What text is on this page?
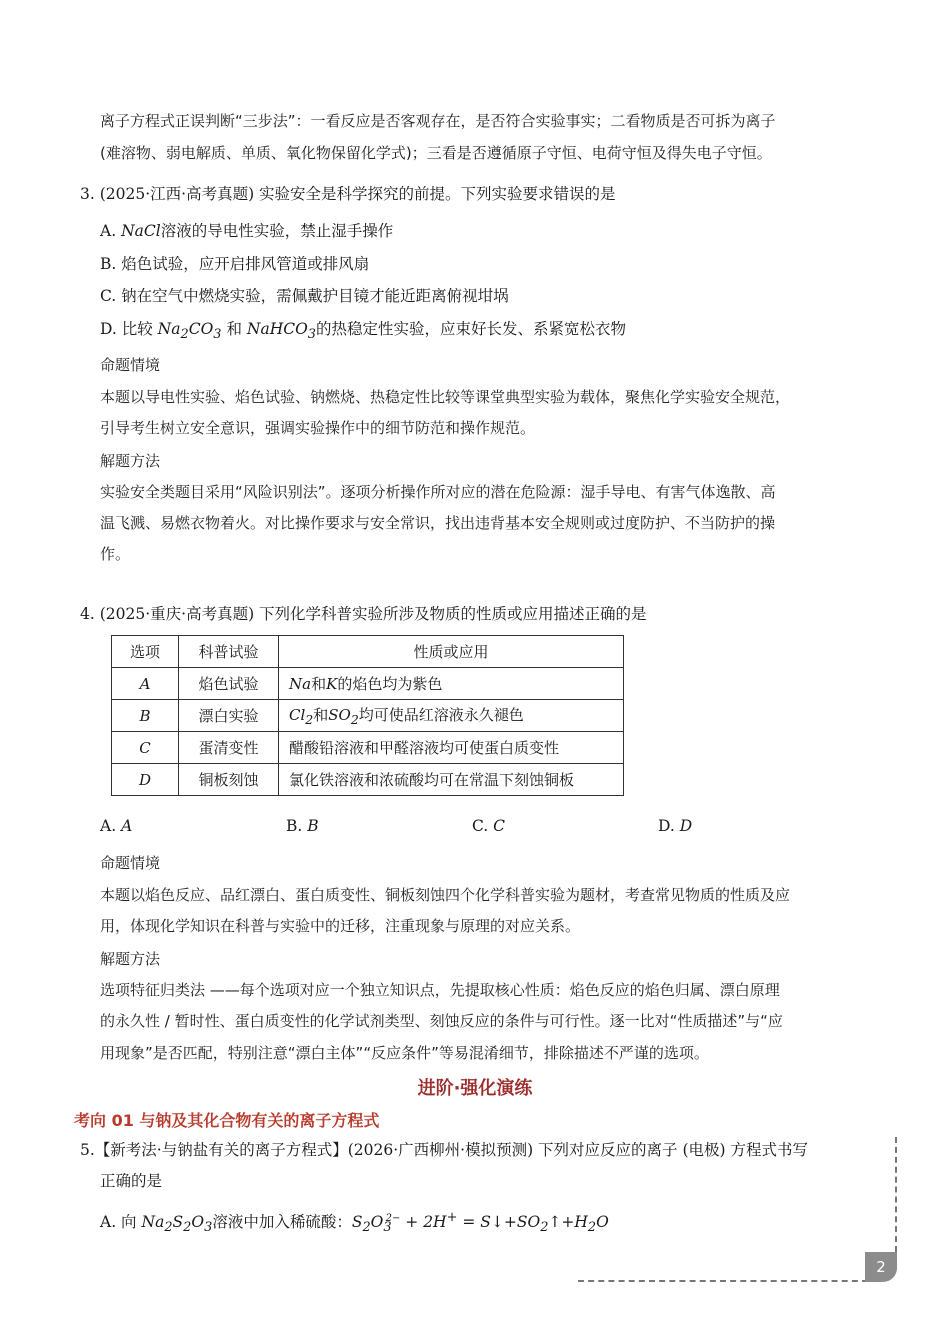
离子方程式正误判断“三步法”：一看反应是否客观存在，是否符合实验事实；二看物质是否可拆为离子
(难溶物、弱电解质、单质、氧化物保留化学式)；三看是否遵循原子守恒、电荷守恒及得失电子守恒。
3. (2025·江西·高考真题) 实验安全是科学探究的前提。下列实验要求错误的是
A. NaCl溶液的导电性实验，禁止湿手操作
B. 焰色试验，应开启排风管道或排风扇
C. 钠在空气中燃烧实验，需佩戴护目镜才能近距离俯视坩埚
D. 比较 $Na_2CO_3$ 和 NaHCO$_3$的热稳定性实验，应束好长发、系紧宽松衣物
命题情境
本题以导电性实验、焰色试验、钠燃烧、热稳定性比较等课堂典型实验为载体，聚焦化学实验安全规范，
引导考生树立安全意识，强调实验操作中的细节防范和操作规范。
解题方法
实验安全类题目采用“风险识别法”。逐项分析操作所对应的潜在危险源：湿手导电、有害气体逸散、高
温飞溅、易燃衣物着火。对比操作要求与安全常识，找出违背基本安全规则或过度防护、不当防护的操
作。
4. (2025·重庆·高考真题) 下列化学科普实验所涉及物质的性质或应用描述正确的是
选项	科普试验	性质或应用
A	焰色试验	Na和K的焰色均为紫色
B	漂白实验	$Cl_2$和$SO_2$均可使品红溶液永久褪色
C	蛋清变性	醋酸铅溶液和甲醛溶液均可使蛋白质变性
D	铜板刻蚀	氯化铁溶液和浓硫酸均可在常温下刻蚀铜板
A. A	B. B	C. C	D. D
命题情境
本题以焰色反应、品红漂白、蛋白质变性、铜板刻蚀四个化学科普实验为题材，考查常见物质的性质及应
用，体现化学知识在科普与实验中的迁移，注重现象与原理的对应关系。
解题方法
选项特征归类法 ——每个选项对应一个独立知识点，先提取核心性质：焰色反应的焰色归属、漂白原理
的永久性 / 暂时性、蛋白质变性的化学试剂类型、刻蚀反应的条件与可行性。逐一比对“性质描述”与“应
用现象”是否匹配，特别注意“漂白主体”“反应条件”等易混淆细节，排除描述不严谨的选项。
进阶·强化演练
考向 01 与钠及其化合物有关的离子方程式
5.【新考法·与钠盐有关的离子方程式】(2026·广西柳州·模拟预测) 下列对应反应的离子 (电极) 方程式书写
正确的是
A. 向 $Na_2S_2O_3$溶液中加入稀硫酸：$S_2O_3^{2-} + 2H^+$ = $S↓+SO_2↑+H_2O$
2
